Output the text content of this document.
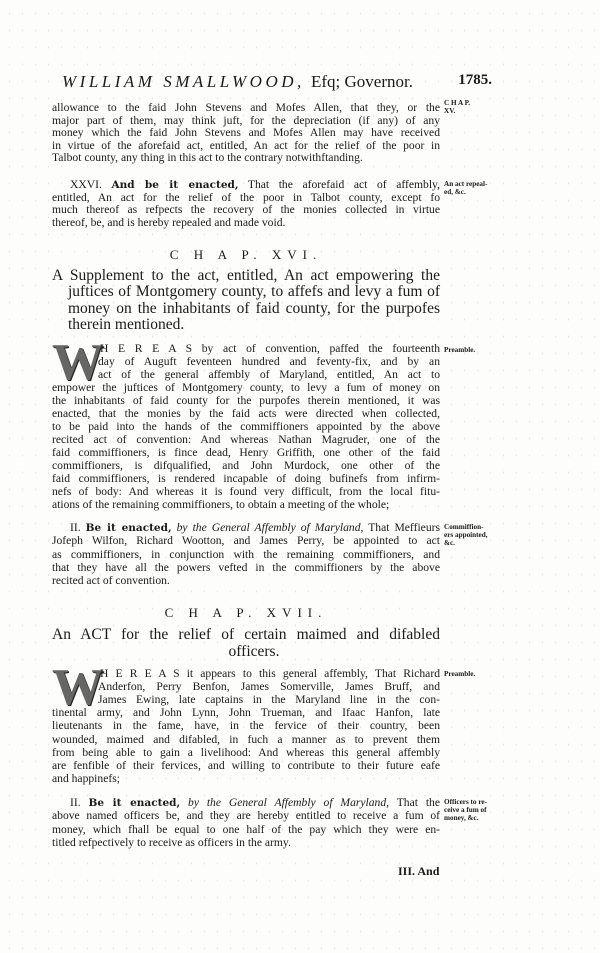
WILLIAM SMALLWOOD, Efq; Governor.	1785.
C H A P. XVI.
W
C H A P. XVII.
W
III. And
allowance to the faid John Stevens and Mofes Allen, that they, or the
major part of them, may think juft, for the depreciation (if any) of any
money which the faid John Stevens and Mofes Allen may have received
in virtue of the aforefaid act, entitled, An act for the relief of the poor in
Talbot county, any thing in this act to the contrary notwithftanding.
XXVI. And be it enacted, That the aforefaid act of affembly,
entitled, An act for the relief of the poor in Talbot county, except fo
much thereof as refpects the recovery of the monies collected in virtue
thereof, be, and is hereby repealed and made void.
A Supplement to the act, entitled, An act empowering the
juftices of Montgomery county, to affefs and levy a fum of
money on the inhabitants of faid county, for the purpofes
therein mentioned.
H E R E A S by act of convention, paffed the fourteenth
day of Auguft feventeen hundred and feventy-fix, and by an
act of the general affembly of Maryland, entitled, An act to
empower the juftices of Montgomery county, to levy a fum of money on
the inhabitants of faid county for the purpofes therein mentioned, it was
enacted, that the monies by the faid acts were directed when collected,
to be paid into the hands of the commiffioners appointed by the above
recited act of convention: And whereas Nathan Magruder, one of the
faid commiffioners, is fince dead, Henry Griffith, one other of the faid
commiffioners, is difqualified, and John Murdock, one other of the
faid commiffioners, is rendered incapable of doing bufinefs from infirm-
nefs of body: And whereas it is found very difficult, from the local fitu-
ations of the remaining commiffioners, to obtain a meeting of the whole;
II. Be it enacted, by the General Affembly of Maryland, That Meffieurs
Jofeph Wilfon, Richard Wootton, and James Perry, be appointed to act
as commiffioners, in conjunction with the remaining commiffioners, and
that they have all the powers vefted in the commiffioners by the above
recited act of convention.
An ACT for the relief of certain maimed and difabled
officers.
H E R E A S it appears to this general affembly, That Richard
Anderfon, Perry Benfon, James Somerville, James Bruff, and
James Ewing, late captains in the Maryland line in the con-
tinental army, and John Lynn, John Trueman, and Ifaac Hanfon, late
lieutenants in the fame, have, in the fervice of their country, been
wounded, maimed and difabled, in fuch a manner as to prevent them
from being able to gain a livelihood: And whereas this general affembly
are fenfible of their fervices, and willing to contribute to their future eafe
and happinefs;
II. Be it enacted, by the General Affembly of Maryland, That the
above named officers be, and they are hereby entitled to receive a fum of
money, which fhall be equal to one half of the pay which they were en-
titled refpectively to receive as officers in the army.
C H A P.
XV.
An act repeal-
ed, &c.
Preamble.
Commiffion-
ers appointed,
&c.
Preamble.
Officers to re-
ceive a fum of
money, &c.
